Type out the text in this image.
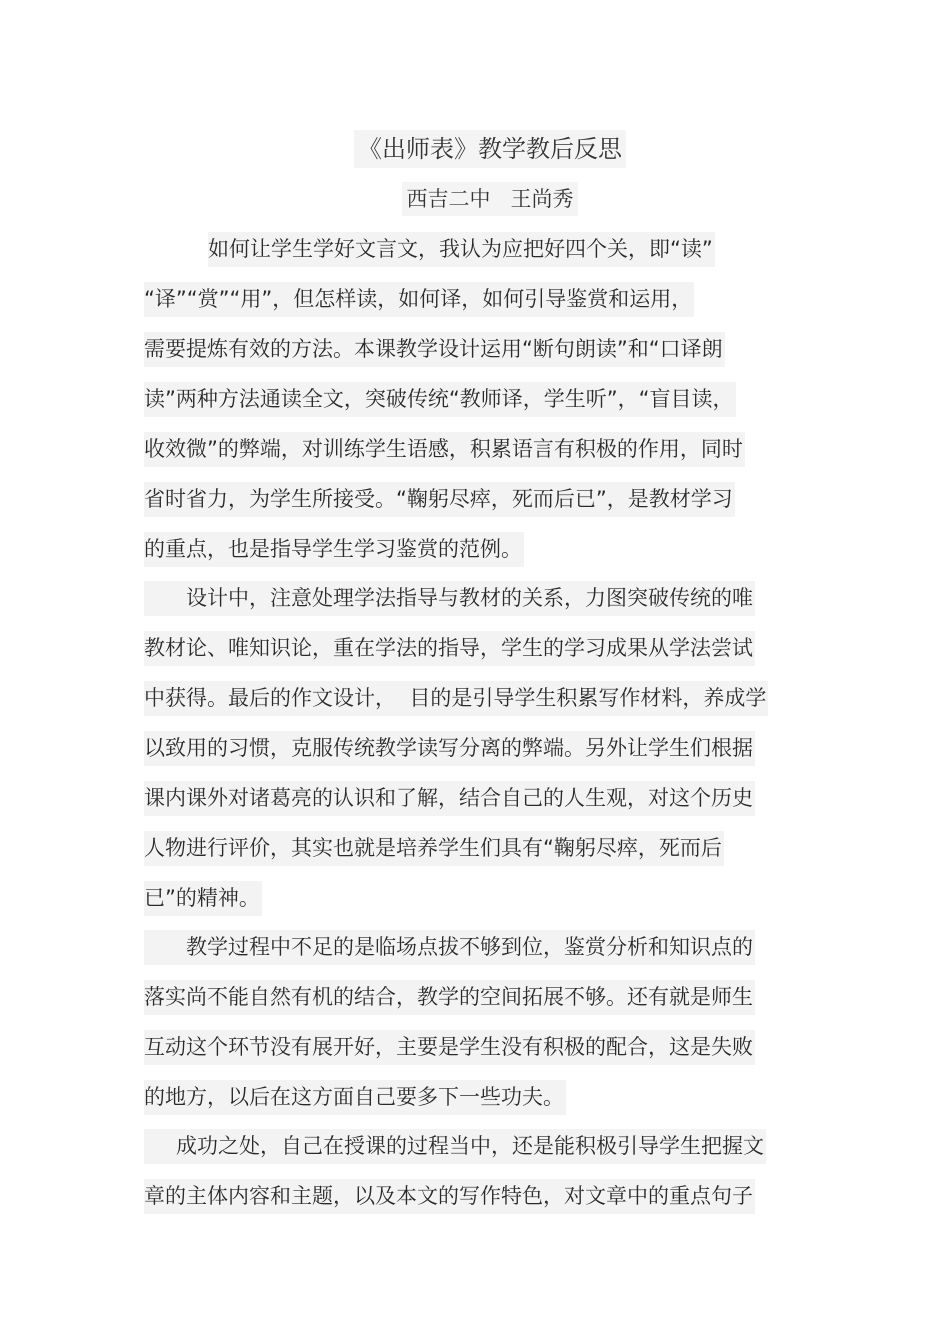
《出师表》教学教后反思
西吉二中   王尚秀
如何让学生学好文言文，我认为应把好四个关，即“读”
“译”“赏”“用”，但怎样读，如何译，如何引导鉴赏和运用，
需要提炼有效的方法。本课教学设计运用“断句朗读”和“口译朗
读”两种方法通读全文，突破传统“教师译，学生听”，“盲目读，
收效微”的弊端，对训练学生语感，积累语言有积极的作用，同时
省时省力，为学生所接受。“鞠躬尽瘁，死而后已”，是教材学习
的重点，也是指导学生学习鉴赏的范例。
设计中，注意处理学法指导与教材的关系，力图突破传统的唯
教材论、唯知识论，重在学法的指导，学生的学习成果从学法尝试
中获得。最后的作文设计，  目的是引导学生积累写作材料，养成学
以致用的习惯，克服传统教学读写分离的弊端。另外让学生们根据
课内课外对诸葛亮的认识和了解，结合自己的人生观，对这个历史
人物进行评价，其实也就是培养学生们具有“鞠躬尽瘁，死而后
已”的精神。
教学过程中不足的是临场点拔不够到位，鉴赏分析和知识点的
落实尚不能自然有机的结合，教学的空间拓展不够。还有就是师生
互动这个环节没有展开好，主要是学生没有积极的配合，这是失败
的地方，以后在这方面自己要多下一些功夫。
成功之处，自己在授课的过程当中，还是能积极引导学生把握文
章的主体内容和主题，以及本文的写作特色，对文章中的重点句子
